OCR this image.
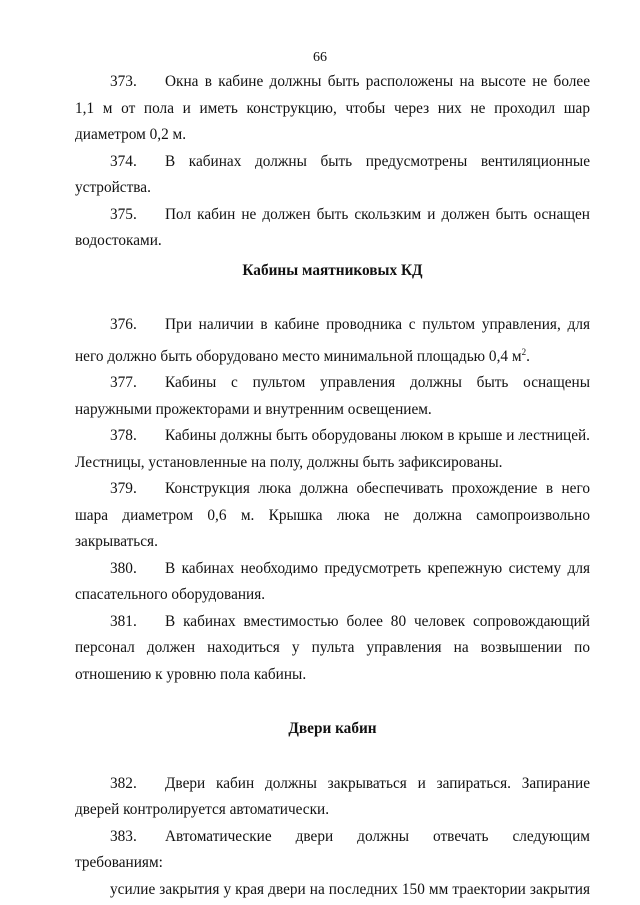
66

373. Окна в кабине должны быть расположены на высоте не более 1,1 м от пола и иметь конструкцию, чтобы через них не проходил шар диаметром 0,2 м.

374. В кабинах должны быть предусмотрены вентиляционные устройства.

375. Пол кабин не должен быть скользким и должен быть оснащен водостоками.

Кабины маятниковых КД

376. При наличии в кабине проводника с пультом управления, для него должно быть оборудовано место минимальной площадью 0,4 $м^2$.

377. Кабины с пультом управления должны быть оснащены наружными прожекторами и внутренним освещением.

378. Кабины должны быть оборудованы люком в крыше и лестницей. Лестницы, установленные на полу, должны быть зафиксированы.

379. Конструкция люка должна обеспечивать прохождение в него шара диаметром 0,6 м. Крышка люка не должна самопроизвольно закрываться.

380. В кабинах необходимо предусмотреть крепежную систему для спасательного оборудования.

381. В кабинах вместимостью более 80 человек сопровождающий персонал должен находиться у пульта управления на возвышении по отношению к уровню пола кабины.

Двери кабин

382. Двери кабин должны закрываться и запираться. Запирание дверей контролируется автоматически.

383. Автоматические двери должны отвечать следующим требованиям:

усилие закрытия у края двери на последних 150 мм траектории закрытия
